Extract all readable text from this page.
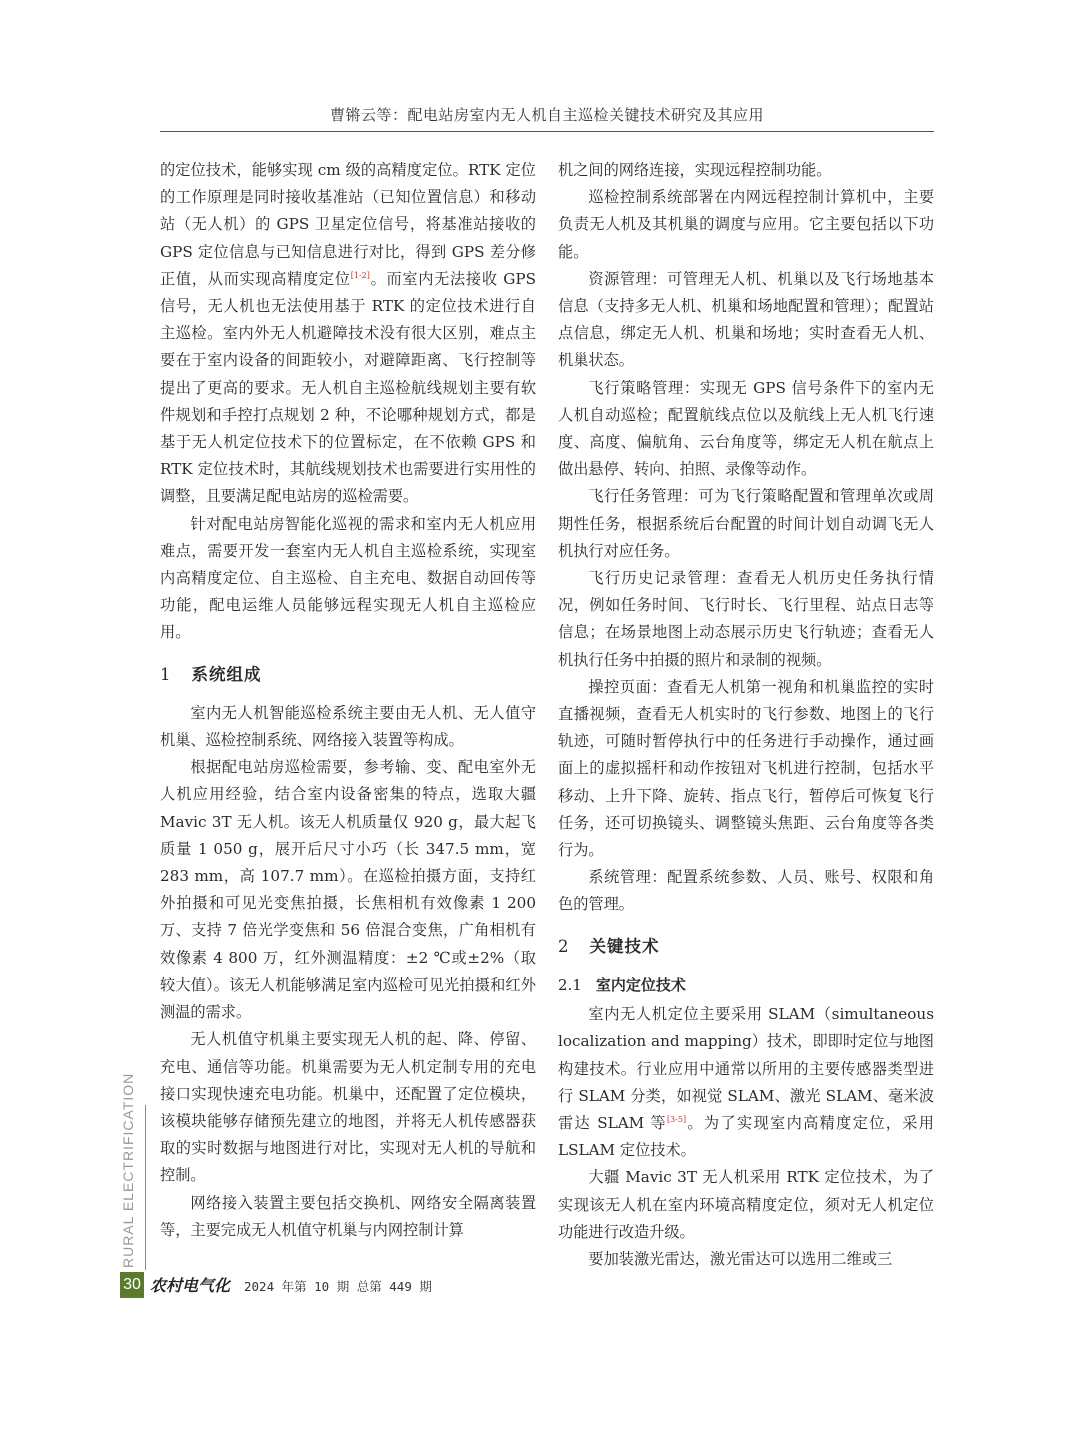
曹锵云等：配电站房室内无人机自主巡检关键技术研究及其应用

的定位技术，能够实现 cm 级的高精度定位。RTK 定位的工作原理是同时接收基准站（已知位置信息）和移动站（无人机）的 GPS 卫星定位信号，将基准站接收的 GPS 定位信息与已知信息进行对比，得到 GPS 差分修正值，从而实现高精度定位[1-2]。而室内无法接收 GPS 信号，无人机也无法使用基于 RTK 的定位技术进行自主巡检。室内外无人机避障技术没有很大区别，难点主要在于室内设备的间距较小，对避障距离、飞行控制等提出了更高的要求。无人机自主巡检航线规划主要有软件规划和手控打点规划 2 种，不论哪种规划方式，都是基于无人机定位技术下的位置标定，在不依赖 GPS 和 RTK 定位技术时，其航线规划技术也需要进行实用性的调整，且要满足配电站房的巡检需要。

针对配电站房智能化巡视的需求和室内无人机应用难点，需要开发一套室内无人机自主巡检系统，实现室内高精度定位、自主巡检、自主充电、数据自动回传等功能，配电运维人员能够远程实现无人机自主巡检应用。

1 系统组成

室内无人机智能巡检系统主要由无人机、无人值守机巢、巡检控制系统、网络接入装置等构成。

根据配电站房巡检需要，参考输、变、配电室外无人机应用经验，结合室内设备密集的特点，选取大疆 Mavic 3T 无人机。该无人机质量仅 920 g，最大起飞质量 1 050 g，展开后尺寸小巧（长 347.5 mm，宽 283 mm，高 107.7 mm）。在巡检拍摄方面，支持红外拍摄和可见光变焦拍摄，长焦相机有效像素 1 200 万、支持 7 倍光学变焦和 56 倍混合变焦，广角相机有效像素 4 800 万，红外测温精度：±2 ℃或±2%（取较大值）。该无人机能够满足室内巡检可见光拍摄和红外测温的需求。

无人机值守机巢主要实现无人机的起、降、停留、充电、通信等功能。机巢需要为无人机定制专用的充电接口实现快速充电功能。机巢中，还配置了定位模块，该模块能够存储预先建立的地图，并将无人机传感器获取的实时数据与地图进行对比，实现对无人机的导航和控制。

网络接入装置主要包括交换机、网络安全隔离装置等，主要完成无人机值守机巢与内网控制计算

机之间的网络连接，实现远程控制功能。

巡检控制系统部署在内网远程控制计算机中，主要负责无人机及其机巢的调度与应用。它主要包括以下功能。

资源管理：可管理无人机、机巢以及飞行场地基本信息（支持多无人机、机巢和场地配置和管理）；配置站点信息，绑定无人机、机巢和场地；实时查看无人机、机巢状态。

飞行策略管理：实现无 GPS 信号条件下的室内无人机自动巡检；配置航线点位以及航线上无人机飞行速度、高度、偏航角、云台角度等，绑定无人机在航点上做出悬停、转向、拍照、录像等动作。

飞行任务管理：可为飞行策略配置和管理单次或周期性任务，根据系统后台配置的时间计划自动调飞无人机执行对应任务。

飞行历史记录管理：查看无人机历史任务执行情况，例如任务时间、飞行时长、飞行里程、站点日志等信息；在场景地图上动态展示历史飞行轨迹；查看无人机执行任务中拍摄的照片和录制的视频。

操控页面：查看无人机第一视角和机巢监控的实时直播视频，查看无人机实时的飞行参数、地图上的飞行轨迹，可随时暂停执行中的任务进行手动操作，通过画面上的虚拟摇杆和动作按钮对飞机进行控制，包括水平移动、上升下降、旋转、指点飞行，暂停后可恢复飞行任务，还可切换镜头、调整镜头焦距、云台角度等各类行为。

系统管理：配置系统参数、人员、账号、权限和角色的管理。

2 关键技术
2.1 室内定位技术

室内无人机定位主要采用 SLAM（simultaneous localization and mapping）技术，即即时定位与地图构建技术。行业应用中通常以所用的主要传感器类型进行 SLAM 分类，如视觉 SLAM、激光 SLAM、毫米波雷达 SLAM 等[3-5]。为了实现室内高精度定位，采用 LSLAM 定位技术。

大疆 Mavic 3T 无人机采用 RTK 定位技术，为了实现该无人机在室内环境高精度定位，须对无人机定位功能进行改造升级。

要加装激光雷达，激光雷达可以选用二维或三

RURAL ELECTRIFICATION
30 农村电气化 2024 年第 10 期 总第 449 期
